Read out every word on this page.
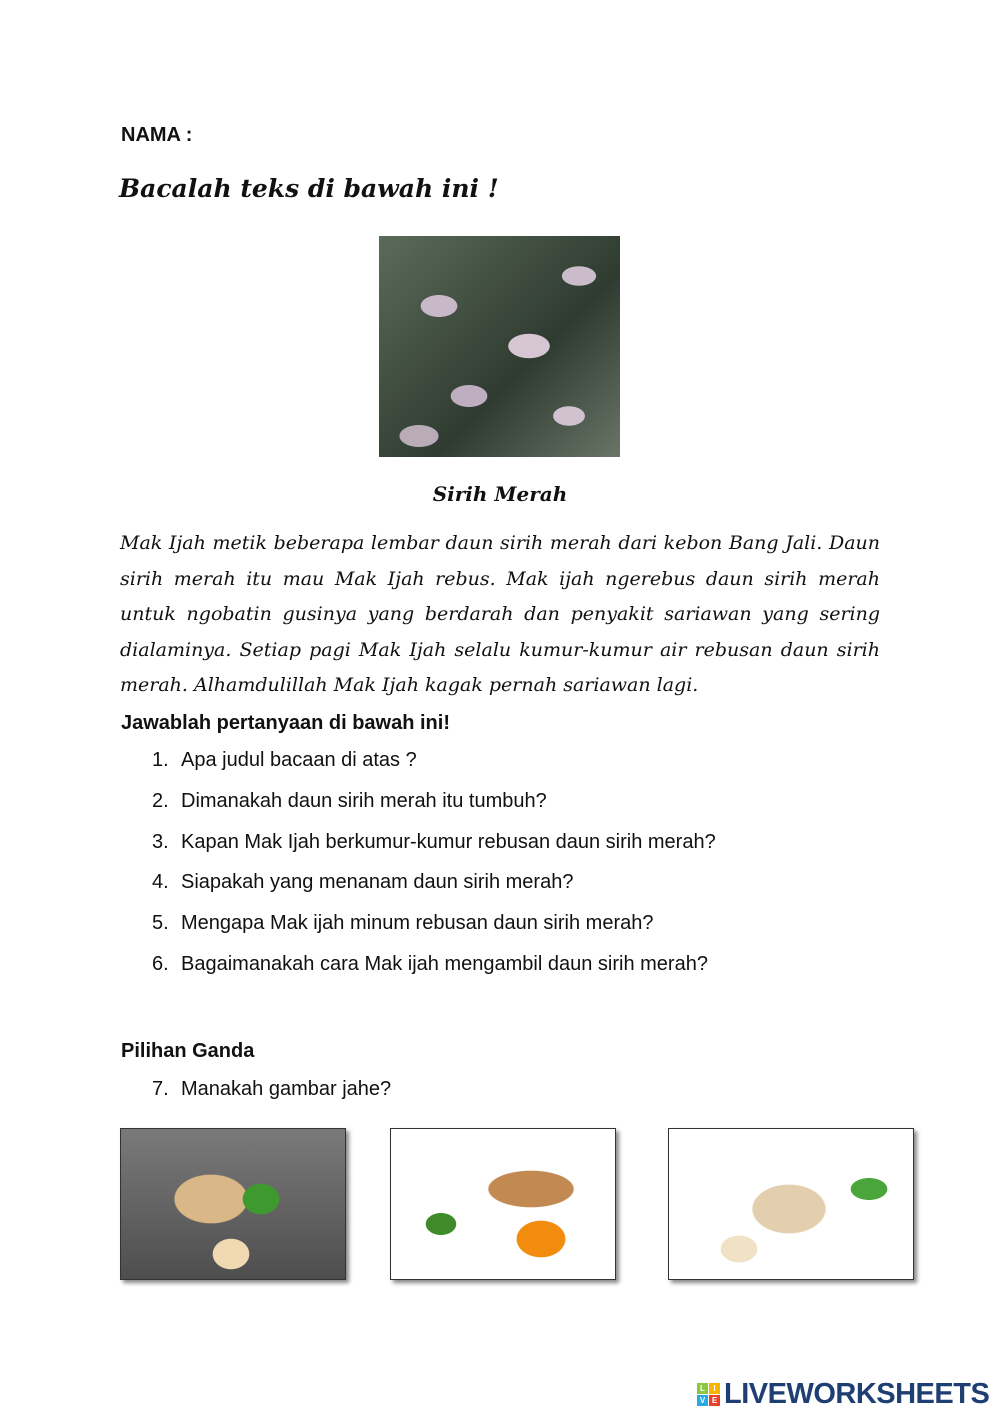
NAMA :
Bacalah teks di bawah ini !
Sirih Merah
Mak Ijah metik beberapa lembar daun sirih merah dari kebon Bang Jali. Daun sirih merah itu mau Mak Ijah rebus. Mak ijah ngerebus daun sirih merah untuk ngobatin gusinya yang berdarah dan penyakit sariawan yang sering dialaminya. Setiap pagi Mak Ijah selalu kumur-kumur air rebusan daun sirih merah. Alhamdulillah Mak Ijah kagak pernah sariawan lagi.
Jawablah pertanyaan di bawah ini!
1. Apa judul bacaan di atas ?
2. Dimanakah daun sirih merah itu tumbuh?
3. Kapan Mak Ijah berkumur-kumur rebusan daun sirih merah?
4. Siapakah yang menanam daun sirih merah?
5. Mengapa Mak ijah minum rebusan daun sirih merah?
6. Bagaimanakah cara Mak ijah mengambil daun sirih merah?
Pilihan Ganda
7. Manakah gambar jahe?
L	I
V E LIVEWORKSHEETS
